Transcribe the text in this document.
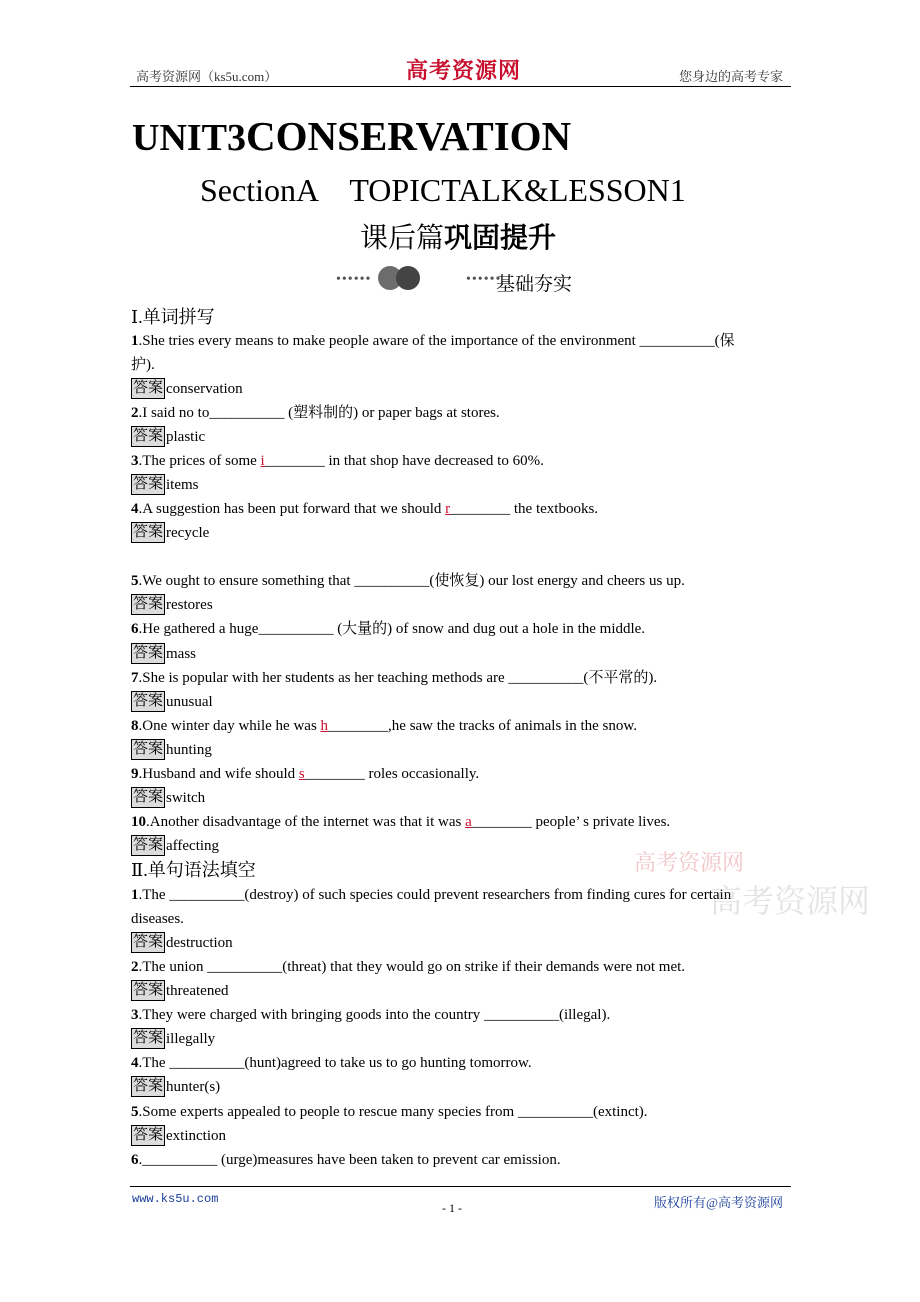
高考资源网（ks5u.com）	高考资源网	您身边的高考专家
UNIT3CONSERVATION
SectionA　TOPICTALK&LESSON1
课后篇巩固提升
••••••	••••••
基础夯实
Ⅰ.单词拼写
1.She tries every means to make people aware of the importance of the environment __________(保
护).
答案 conservation
2.I said no to__________ (塑料制的) or paper bags at stores.
答案 plastic
3.The prices of some i________ in that shop have decreased to 60%.
答案 items
4.A suggestion has been put forward that we should r________ the textbooks.
答案 recycle
5.We ought to ensure something that __________(使恢复) our lost energy and cheers us up.
答案 restores
6.He gathered a huge__________ (大量的) of snow and dug out a hole in the middle.
答案 mass
7.She is popular with her students as her teaching methods are __________(不平常的).
答案 unusual
8.One winter day while he was h________,he saw the tracks of animals in the snow.
答案 hunting
9.Husband and wife should s________ roles occasionally.
答案 switch
10.Another disadvantage of the internet was that it was a________ people’ s private lives.
答案 affecting
Ⅱ.单句语法填空
1.The __________(destroy) of such species could prevent researchers from finding cures for certain
diseases.
答案 destruction
2.The union __________(threat) that they would go on strike if their demands were not met.
答案 threatened
3.They were charged with bringing goods into the country __________(illegal).
答案 illegally
4.The __________(hunt)agreed to take us to go hunting tomorrow.
答案 hunter(s)
5.Some experts appealed to people to rescue many species from __________(extinct).
答案 extinction
6.__________ (urge)measures have been taken to prevent car emission.
高考资源网
高考资源网
www.ks5u.com
- 1 -	版权所有@高考资源网
